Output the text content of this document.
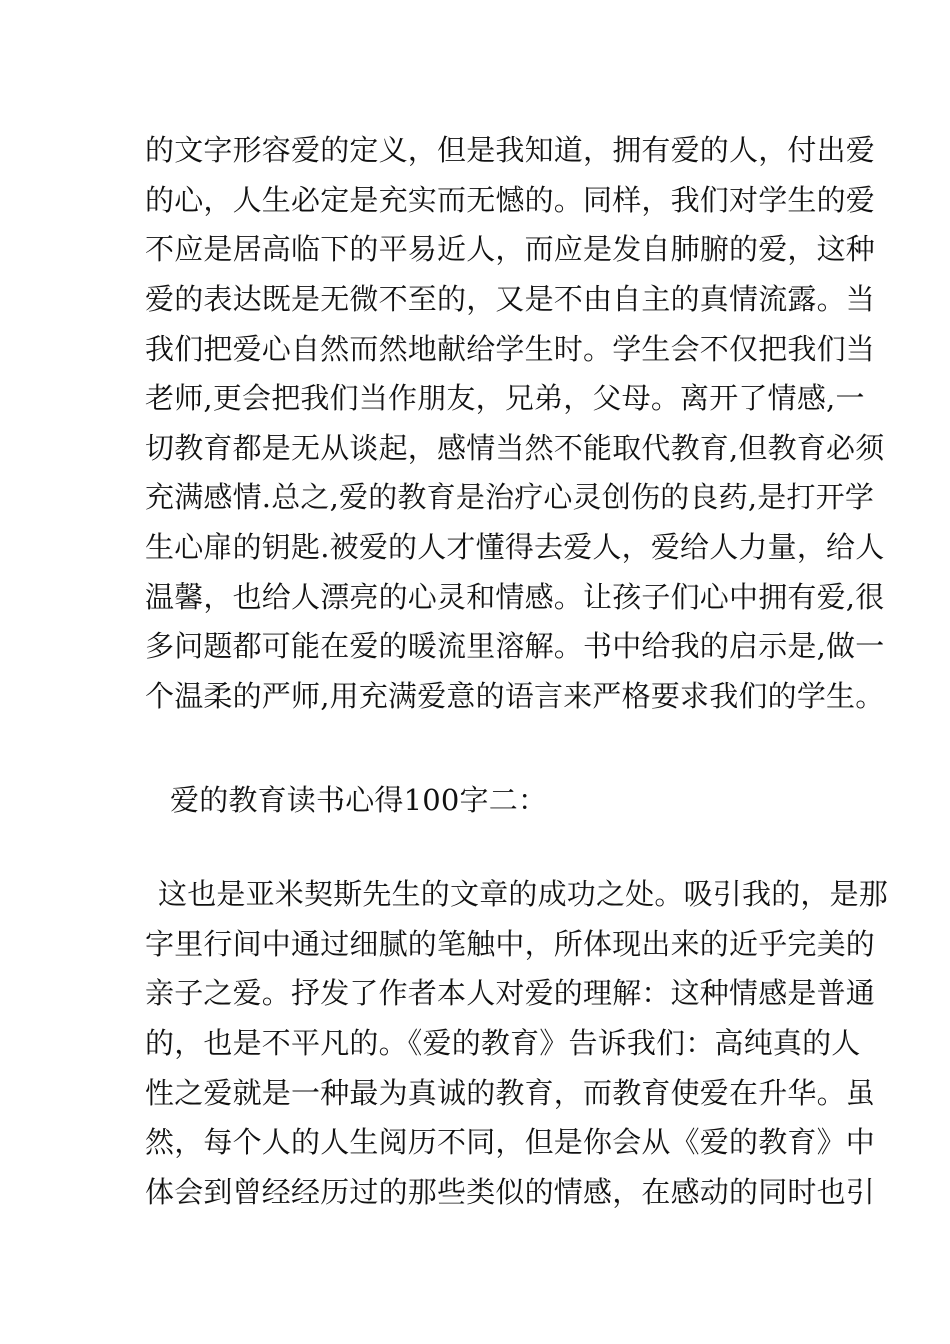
的文字形容爱的定义，但是我知道，拥有爱的人，付出爱

的心，人生必定是充实而无憾的。同样，我们对学生的爱

不应是居高临下的平易近人，而应是发自肺腑的爱，这种

爱的表达既是无微不至的，又是不由自主的真情流露。当

我们把爱心自然而然地献给学生时。学生会不仅把我们当

老师,更会把我们当作朋友，兄弟，父母。离开了情感,一

切教育都是无从谈起，感情当然不能取代教育,但教育必须

充满感情.总之,爱的教育是治疗心灵创伤的良药,是打开学

生心扉的钥匙.被爱的人才懂得去爱人，爱给人力量，给人

温馨，也给人漂亮的心灵和情感。让孩子们心中拥有爱,很

多问题都可能在爱的暖流里溶解。书中给我的启示是,做一

个温柔的严师,用充满爱意的语言来严格要求我们的学生。

爱的教育读书心得100字二：

这也是亚米契斯先生的文章的成功之处。吸引我的，是那

字里行间中通过细腻的笔触中，所体现出来的近乎完美的

亲子之爱。抒发了作者本人对爱的理解：这种情感是普通

的，也是不平凡的。《爱的教育》告诉我们：高纯真的人

性之爱就是一种最为真诚的教育，而教育使爱在升华。虽

然，每个人的人生阅历不同，但是你会从《爱的教育》中

体会到曾经经历过的那些类似的情感，在感动的同时也引
